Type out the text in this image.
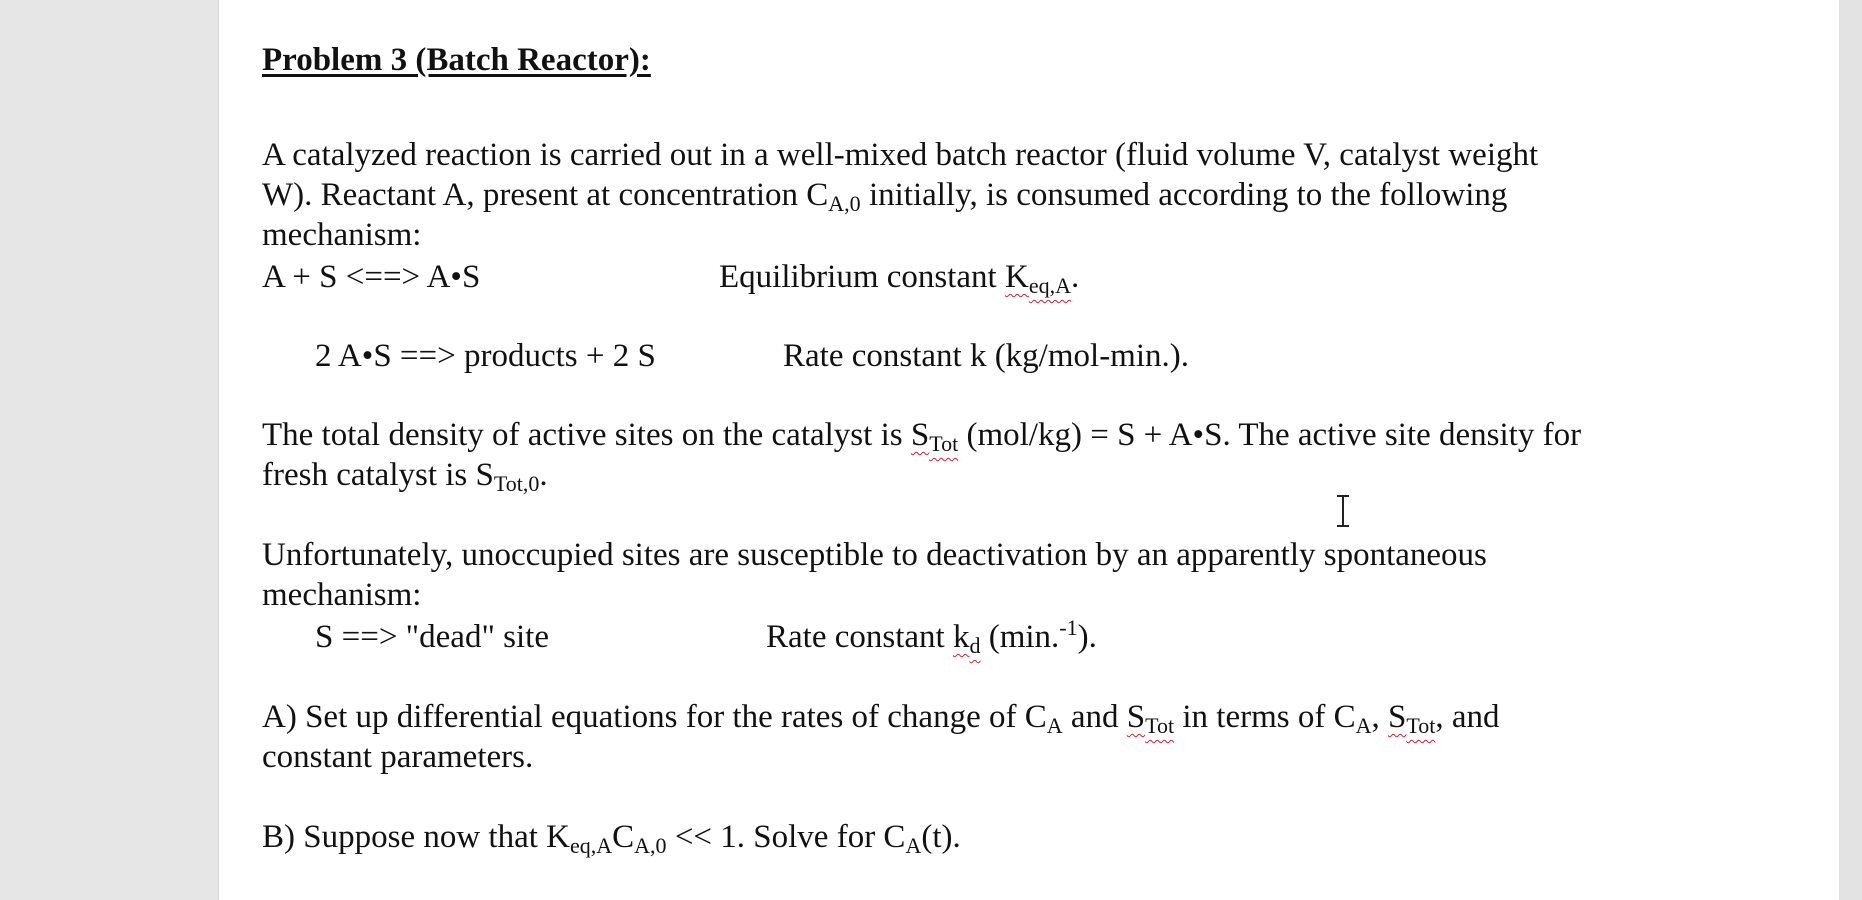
Problem 3 (Batch Reactor):
A catalyzed reaction is carried out in a well-mixed batch reactor (fluid volume V, catalyst weight
W). Reactant A, present at concentration $C_{A,0}$ initially, is consumed according to the following
mechanism:
A + S <==> A•S	Equilibrium constant $K_{eq,A}$.
2 A•S ==> products + 2 S	Rate constant k (kg/mol-min.).
The total density of active sites on the catalyst is $S_{Tot}$ (mol/kg) = S + A•S. The active site density for
fresh catalyst is $S_{Tot,0}$.
Unfortunately, unoccupied sites are susceptible to deactivation by an apparently spontaneous
mechanism:
S ==> "dead" site	Rate constant $k_d$ (min.$^{-1}$).
A) Set up differential equations for the rates of change of $C_A$ and $S_{Tot}$ in terms of $C_A$, $S_{Tot}$, and
constant parameters.
B) Suppose now that $K_{eq,A}C_{A,0} << 1$. Solve for $C_A(t)$.
